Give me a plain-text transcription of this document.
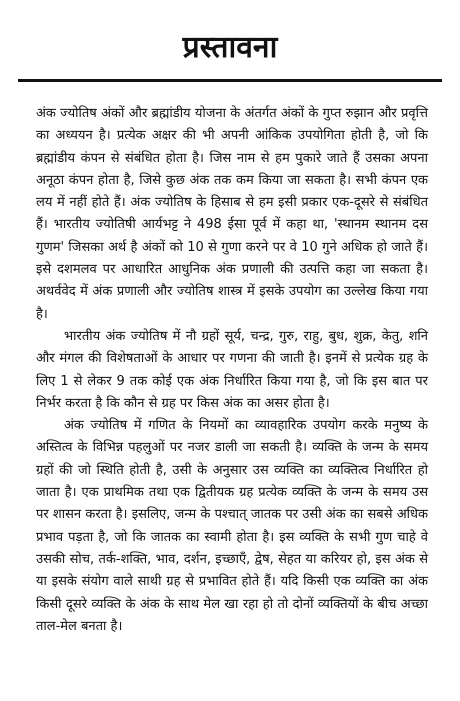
प्रस्तावना

अंक ज्योतिष अंकों और ब्रह्मांडीय योजना के अंतर्गत अंकों के गुप्त रुझान और प्रवृत्ति का अध्ययन है। प्रत्येक अक्षर की भी अपनी आंकिक उपयोगिता होती है, जो कि ब्रह्मांडीय कंपन से संबंधित होता है। जिस नाम से हम पुकारे जाते हैं उसका अपना अनूठा कंपन होता है, जिसे कुछ अंक तक कम किया जा सकता है। सभी कंपन एक लय में नहीं होते हैं। अंक ज्योतिष के हिसाब से हम इसी प्रकार एक-दूसरे से संबंधित हैं। भारतीय ज्योतिषी आर्यभट्ट ने 498 ईसा पूर्व में कहा था, 'स्थानम स्थानम दस गुणम' जिसका अर्थ है अंकों को 10 से गुणा करने पर वे 10 गुने अधिक हो जाते हैं। इसे दशमलव पर आधारित आधुनिक अंक प्रणाली की उत्पत्ति कहा जा सकता है। अथर्ववेद में अंक प्रणाली और ज्योतिष शास्त्र में इसके उपयोग का उल्लेख किया गया है।

भारतीय अंक ज्योतिष में नौ ग्रहों सूर्य, चन्द्र, गुरु, राहु, बुध, शुक्र, केतु, शनि और मंगल की विशेषताओं के आधार पर गणना की जाती है। इनमें से प्रत्येक ग्रह के लिए 1 से लेकर 9 तक कोई एक अंक निर्धारित किया गया है, जो कि इस बात पर निर्भर करता है कि कौन से ग्रह पर किस अंक का असर होता है।

अंक ज्योतिष में गणित के नियमों का व्यावहारिक उपयोग करके मनुष्य के अस्तित्व के विभिन्न पहलुओं पर नजर डाली जा सकती है। व्यक्ति के जन्म के समय ग्रहों की जो स्थिति होती है, उसी के अनुसार उस व्यक्ति का व्यक्तित्व निर्धारित हो जाता है। एक प्राथमिक तथा एक द्वितीयक ग्रह प्रत्येक व्यक्ति के जन्म के समय उस पर शासन करता है। इसलिए, जन्म के पश्चात् जातक पर उसी अंक का सबसे अधिक प्रभाव पड़ता है, जो कि जातक का स्वामी होता है। इस व्यक्ति के सभी गुण चाहे वे उसकी सोच, तर्क-शक्ति, भाव, दर्शन, इच्छाएँ, द्वेष, सेहत या करियर हो, इस अंक से या इसके संयोग वाले साथी ग्रह से प्रभावित होते हैं। यदि किसी एक व्यक्ति का अंक किसी दूसरे व्यक्ति के अंक के साथ मेल खा रहा हो तो दोनों व्यक्तियों के बीच अच्छा ताल-मेल बनता है।
